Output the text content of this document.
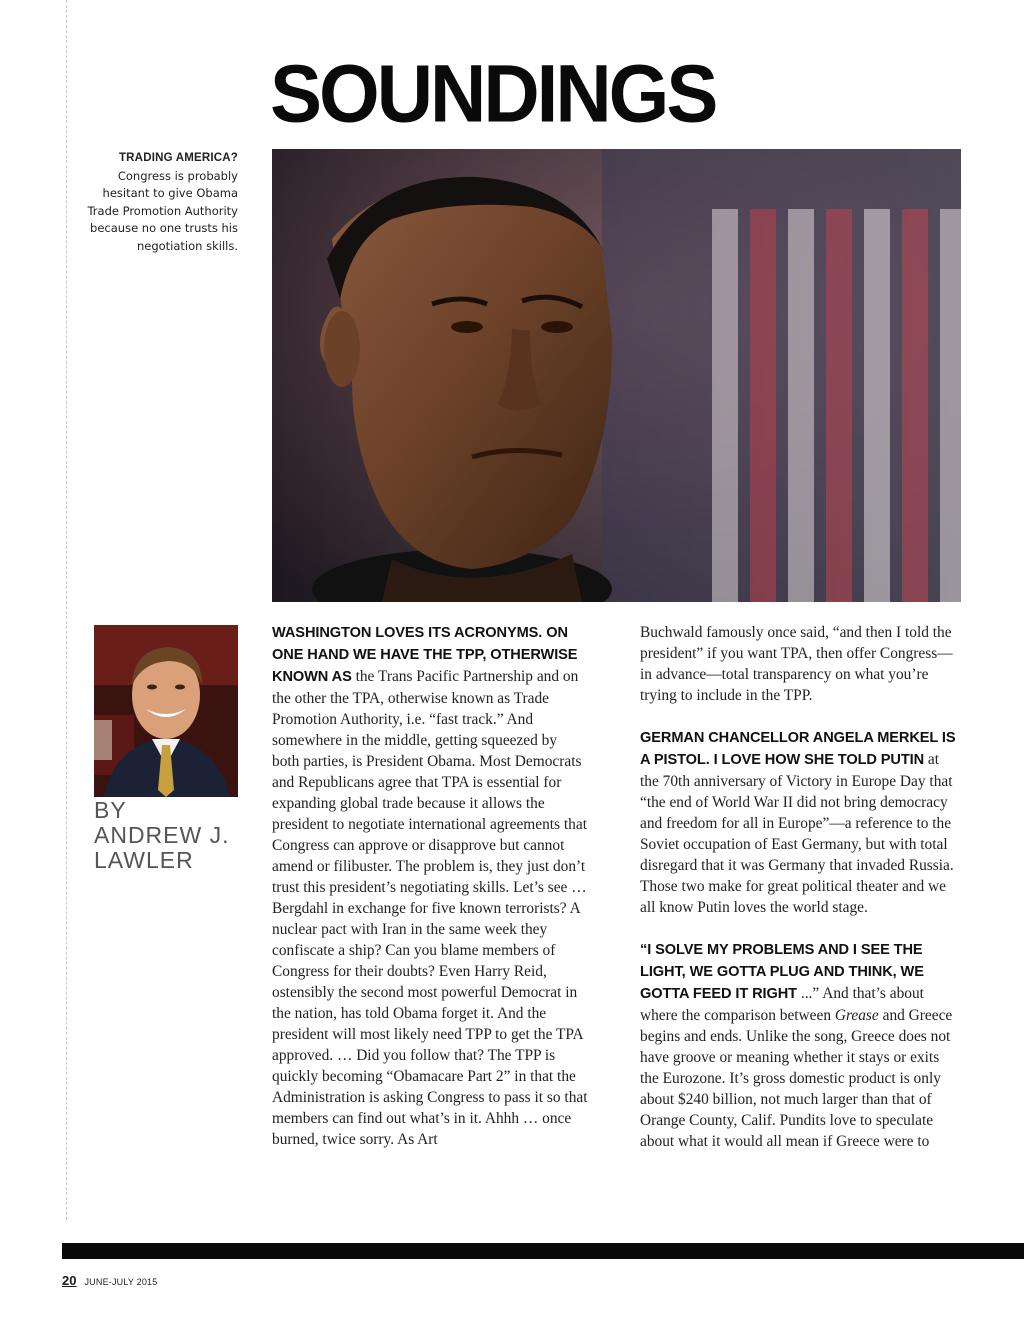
SOUNDINGS
TRADING AMERICA?
Congress is probably hesitant to give Obama Trade Promotion Authority because no one trusts his negotiation skills.
BY
ANDREW J.
LAWLER

WASHINGTON LOVES ITS ACRONYMS. ON ONE HAND WE HAVE THE TPP, OTHERWISE KNOWN AS the Trans Pacific Partnership and on the other the TPA, otherwise known as Trade Promotion Authority, i.e. “fast track.” And somewhere in the middle, getting squeezed by both parties, is President Obama. Most Democrats and Republicans agree that TPA is essential for expanding global trade because it allows the president to negotiate international agreements that Congress can approve or disapprove but cannot amend or filibuster. The problem is, they just don’t trust this president’s negotiating skills. Let’s see … Bergdahl in exchange for five known terrorists? A nuclear pact with Iran in the same week they confiscate a ship? Can you blame members of Congress for their doubts? Even Harry Reid, ostensibly the second most powerful Democrat in the nation, has told Obama forget it. And the president will most likely need TPP to get the TPA approved. … Did you follow that? The TPP is quickly becoming “Obamacare Part 2” in that the Administration is asking Congress to pass it so that members can find out what’s in it. Ahhh … once burned, twice sorry. As Art

Buchwald famously once said, “and then I told the president” if you want TPA, then offer Congress—in advance—total transparency on what you’re trying to include in the TPP.

GERMAN CHANCELLOR ANGELA MERKEL IS A PISTOL. I LOVE HOW SHE TOLD PUTIN at the 70th anniversary of Victory in Europe Day that “the end of World War II did not bring democracy and freedom for all in Europe”—a reference to the Soviet occupation of East Germany, but with total disregard that it was Germany that invaded Russia. Those two make for great political theater and we all know Putin loves the world stage.

“I SOLVE MY PROBLEMS AND I SEE THE LIGHT, WE GOTTA PLUG AND THINK, WE GOTTA FEED IT RIGHT ...” And that’s about where the comparison between Grease and Greece begins and ends. Unlike the song, Greece does not have groove or meaning whether it stays or exits the Eurozone. It’s gross domestic product is only about $240 billion, not much larger than that of Orange County, Calif. Pundits love to speculate about what it would all mean if Greece were to

20 JUNE-JULY 2015
